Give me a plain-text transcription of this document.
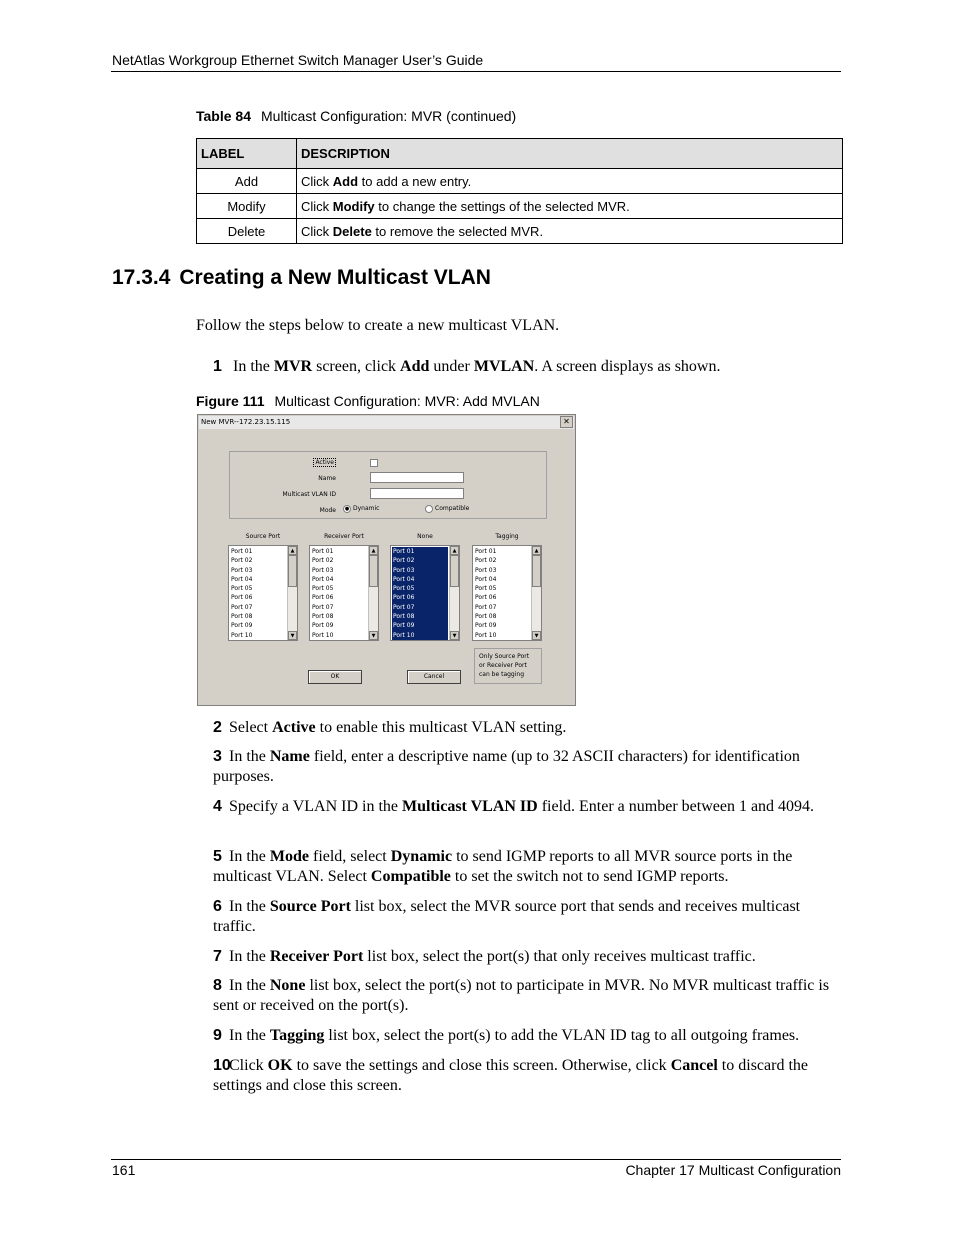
NetAtlas Workgroup Ethernet Switch Manager User’s Guide
Table 84 Multicast Configuration: MVR (continued)
LABEL	DESCRIPTION
Add	Click Add to add a new entry.
Modify	Click Modify to change the settings of the selected MVR.
Delete	Click Delete to remove the selected MVR.
17.3.4 Creating a New Multicast VLAN
Follow the steps below to create a new multicast VLAN.
1 In the MVR screen, click Add under MVLAN. A screen displays as shown.
Figure 111 Multicast Configuration: MVR: Add MVLAN
New MVR--172.23.15.115	✕
Active
Name
Multicast VLAN ID
Mode	● Dynamic	Compatible
Source Port	Receiver Port	None	Tagging
Port 01
Port 02
Port 03
Port 04
Port 05
Port 06
Port 07
Port 08
Port 09
Port 10
▲
▼
Port 01
Port 02
Port 03
Port 04
Port 05
Port 06
Port 07
Port 08
Port 09
Port 10
▲
▼
Port 01
Port 02
Port 03
Port 04
Port 05
Port 06
Port 07
Port 08
Port 09
Port 10
▲
▼
Port 01
Port 02
Port 03
Port 04
Port 05
Port 06
Port 07
Port 08
Port 09
Port 10
▲
▼
Only Source Port
or Receiver Port
can be tagging
OK	Cancel
2 Select Active to enable this multicast VLAN setting.
3 In the Name field, enter a descriptive name (up to 32 ASCII characters) for identification purposes.
4 Specify a VLAN ID in the Multicast VLAN ID field. Enter a number between 1 and 4094.
5 In the Mode field, select Dynamic to send IGMP reports to all MVR source ports in the multicast VLAN. Select Compatible to set the switch not to send IGMP reports.
6 In the Source Port list box, select the MVR source port that sends and receives multicast traffic.
7 In the Receiver Port list box, select the port(s) that only receives multicast traffic.
8 In the None list box, select the port(s) not to participate in MVR. No MVR multicast traffic is sent or received on the port(s).
9 In the Tagging list box, select the port(s) to add the VLAN ID tag to all outgoing frames.
10Click OK to save the settings and close this screen. Otherwise, click Cancel to discard the settings and close this screen.
161	Chapter 17 Multicast Configuration
